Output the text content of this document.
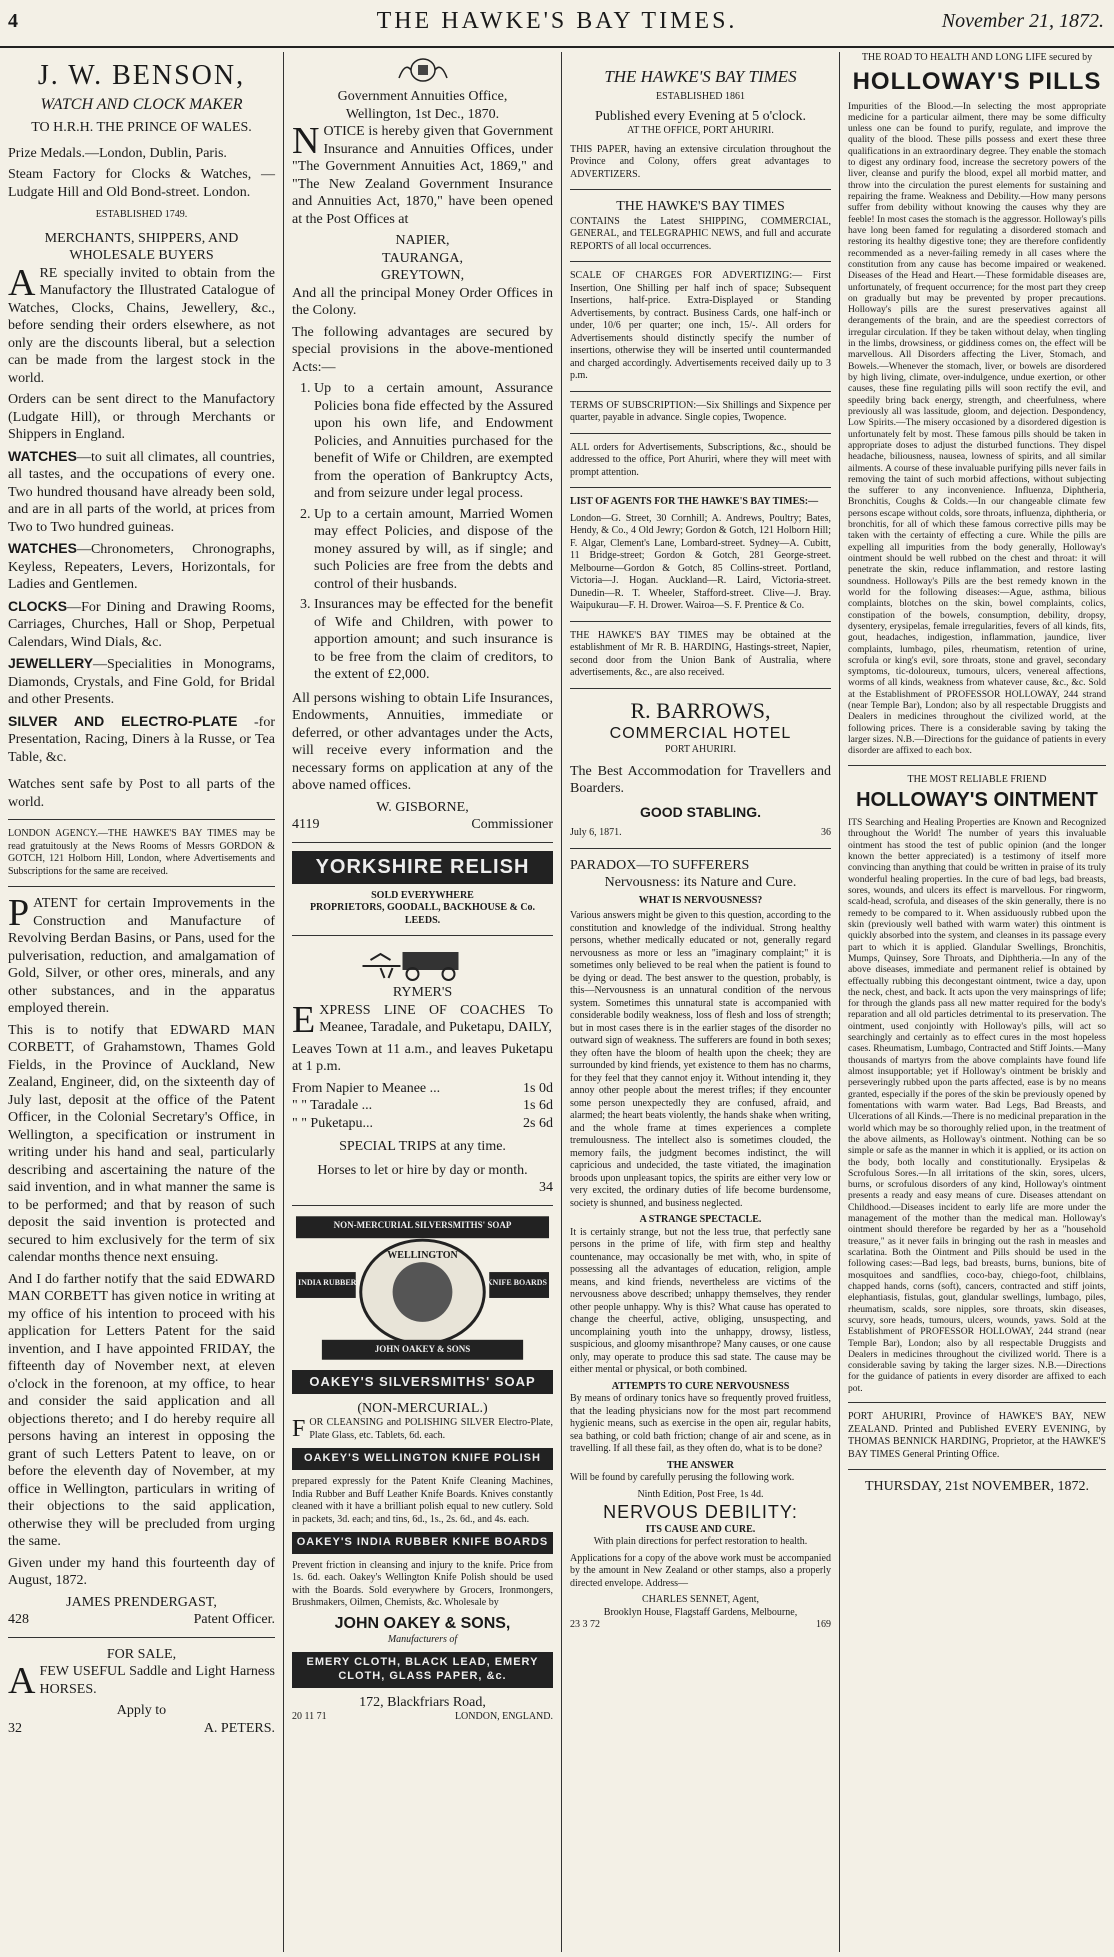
4	THE HAWKE'S BAY TIMES.	November 21, 1872.
J. W. BENSON,
WATCH AND CLOCK MAKER
TO H.R.H. THE PRINCE OF WALES.

Prize Medals.—London, Dublin, Paris.

Steam Factory for Clocks & Watches, —Ludgate Hill and Old Bond-street. London.

ESTABLISHED 1749.
MERCHANTS, SHIPPERS, AND WHOLESALE BUYERS

ARE specially invited to obtain from the Manufactory the Illustrated Catalogue of Watches, Clocks, Chains, Jewellery, &c., before sending their orders elsewhere, as not only are the discounts liberal, but a selection can be made from the largest stock in the world.

Orders can be sent direct to the Manufactory (Ludgate Hill), or through Merchants or Shippers in England.

WATCHES—to suit all climates, all countries, all tastes, and the occupations of every one. Two hundred thousand have already been sold, and are in all parts of the world, at prices from Two to Two hundred guineas.

WATCHES—Chronometers, Chronographs, Keyless, Repeaters, Levers, Horizontals, for Ladies and Gentlemen.

CLOCKS—For Dining and Drawing Rooms, Carriages, Churches, Hall or Shop, Perpetual Calendars, Wind Dials, &c.

JEWELLERY—Specialities in Monograms, Diamonds, Crystals, and Fine Gold, for Bridal and other Presents.

SILVER AND ELECTRO-PLATE -for Presentation, Racing, Diners à la Russe, or Tea Table, &c.

Watches sent safe by Post to all parts of the world.

LONDON AGENCY.—THE HAWKE'S BAY TIMES may be read gratuitously at the News Rooms of Messrs GORDON & GOTCH, 121 Holborn Hill, London, where Advertisements and Subscriptions for the same are received.

PATENT for certain Improvements in the Construction and Manufacture of Revolving Berdan Basins, or Pans, used for the pulverisation, reduction, and amalgamation of Gold, Silver, or other ores, minerals, and any other substances, and in the apparatus employed therein.

This is to notify that EDWARD MAN CORBETT, of Grahamstown, Thames Gold Fields, in the Province of Auckland, New Zealand, Engineer, did, on the sixteenth day of July last, deposit at the office of the Patent Officer, in the Colonial Secretary's Office, in Wellington, a specification or instrument in writing under his hand and seal, particularly describing and ascertaining the nature of the said invention, and in what manner the same is to be performed; and that by reason of such deposit the said invention is protected and secured to him exclusively for the term of six calendar months thence next ensuing.

And I do farther notify that the said EDWARD MAN CORBETT has given notice in writing at my office of his intention to proceed with his application for Letters Patent for the said invention, and I have appointed FRIDAY, the fifteenth day of November next, at eleven o'clock in the forenoon, at my office, to hear and consider the said application and all objections thereto; and I do hereby require all persons having an interest in opposing the grant of such Letters Patent to leave, on or before the eleventh day of November, at my office in Wellington, particulars in writing of their objections to the said application, otherwise they will be precluded from urging the same.

Given under my hand this fourteenth day of August, 1872.

JAMES PRENDERGAST,
428	Patent Officer.
FOR SALE,

AFEW USEFUL Saddle and Light Harness HORSES.

Apply to
32	A. PETERS.
Government Annuities Office,
Wellington, 1st Dec., 1870.

NOTICE is hereby given that Government Insurance and Annuities Offices, under "The Government Annuities Act, 1869," and "The New Zealand Government Insurance and Annuities Act, 1870," have been opened at the Post Offices at

NAPIER,
TAURANGA,
GREYTOWN,

And all the principal Money Order Offices in the Colony.

The following advantages are secured by special provisions in the above-mentioned Acts:—

1. Up to a certain amount, Assurance Policies bona fide effected by the Assured upon his own life, and Endowment Policies, and Annuities purchased for the benefit of Wife or Children, are exempted from the operation of Bankruptcy Acts, and from seizure under legal process.
2. Up to a certain amount, Married Women may effect Policies, and dispose of the money assured by will, as if single; and such Policies are free from the debts and control of their husbands.
3. Insurances may be effected for the benefit of Wife and Children, with power to apportion amount; and such insurance is to be free from the claim of creditors, to the extent of £2,000.

All persons wishing to obtain Life Insurances, Endowments, Annuities, immediate or deferred, or other advantages under the Acts, will receive every information and the necessary forms on application at any of the above named offices.

W. GISBORNE,
4119	Commissioner
YORKSHIRE RELISH
SOLD EVERYWHERE
PROPRIETORS, GOODALL, BACKHOUSE & Co. LEEDS.
RYMER'S

EXPRESS LINE OF COACHES To Meanee, Taradale, and Puketapu, DAILY,

Leaves Town at 11 a.m., and leaves Puketapu at 1 p.m.

From Napier to Meanee ...	1s 0d
" " Taradale ...	1s 6d
" " Puketapu...	2s 6d
SPECIAL TRIPS at any time.
Horses to let or hire by day or month.
34
NON-MERCURIAL SILVERSMITHS' SOAP
WELLINGTON
INDIA RUBBER	KNIFE BOARDS
JOHN OAKEY & SONS
OAKEY'S SILVERSMITHS' SOAP
(NON-MERCURIAL.)

FOR CLEANSING and POLISHING SILVER Electro-Plate, Plate Glass, etc. Tablets, 6d. each.

OAKEY'S WELLINGTON KNIFE POLISH

prepared expressly for the Patent Knife Cleaning Machines, India Rubber and Buff Leather Knife Boards. Knives constantly cleaned with it have a brilliant polish equal to new cutlery. Sold in packets, 3d. each; and tins, 6d., 1s., 2s. 6d., and 4s. each.

OAKEY'S INDIA RUBBER KNIFE BOARDS

Prevent friction in cleansing and injury to the knife. Price from 1s. 6d. each. Oakey's Wellington Knife Polish should be used with the Boards. Sold everywhere by Grocers, Ironmongers, Brushmakers, Oilmen, Chemists, &c. Wholesale by

JOHN OAKEY & SONS,
Manufacturers of
EMERY CLOTH, BLACK LEAD, EMERY CLOTH, GLASS PAPER, &c.
172, Blackfriars Road,
20 11 71	LONDON, ENGLAND.
THE HAWKE'S BAY TIMES
ESTABLISHED 1861
Published every Evening at 5 o'clock.
AT THE OFFICE, PORT AHURIRI.

THIS PAPER, having an extensive circulation throughout the Province and Colony, offers great advantages to ADVERTIZERS.

THE HAWKE'S BAY TIMES

CONTAINS the Latest SHIPPING, COMMERCIAL, GENERAL, and TELEGRAPHIC NEWS, and full and accurate REPORTS of all local occurrences.

SCALE OF CHARGES FOR ADVERTIZING:— First Insertion, One Shilling per half inch of space; Subsequent Insertions, half-price. Extra-Displayed or Standing Advertisements, by contract. Business Cards, one half-inch or under, 10/6 per quarter; one inch, 15/-. All orders for Advertisements should distinctly specify the number of insertions, otherwise they will be inserted until countermanded and charged accordingly. Advertisements received daily up to 3 p.m.

TERMS OF SUBSCRIPTION:—Six Shillings and Sixpence per quarter, payable in advance. Single copies, Twopence.

ALL orders for Advertisements, Subscriptions, &c., should be addressed to the office, Port Ahuriri, where they will meet with prompt attention.

LIST OF AGENTS FOR THE HAWKE'S BAY TIMES:—

London—G. Street, 30 Cornhill; A. Andrews, Poultry; Bates, Hendy, & Co., 4 Old Jewry; Gordon & Gotch, 121 Holborn Hill; F. Algar, Clement's Lane, Lombard-street. Sydney—A. Cubitt, 11 Bridge-street; Gordon & Gotch, 281 George-street. Melbourne—Gordon & Gotch, 85 Collins-street. Portland, Victoria—J. Hogan. Auckland—R. Laird, Victoria-street. Dunedin—R. T. Wheeler, Stafford-street. Clive—J. Bray. Waipukurau—F. H. Drower. Wairoa—S. F. Prentice & Co.

THE HAWKE'S BAY TIMES may be obtained at the establishment of Mr R. B. HARDING, Hastings-street, Napier, second door from the Union Bank of Australia, where advertisements, &c., are also received.

R. BARROWS,
COMMERCIAL HOTEL
PORT AHURIRI.

The Best Accommodation for Travellers and Boarders.

GOOD STABLING.
July 6, 1871.	36
PARADOX—TO SUFFERERS
Nervousness: its Nature and Cure.
WHAT IS NERVOUSNESS?

Various answers might be given to this question, according to the constitution and knowledge of the individual. Strong healthy persons, whether medically educated or not, generally regard nervousness as more or less an "imaginary complaint;" it is sometimes only believed to be real when the patient is found to be dying or dead. The best answer to the question, probably, is this—Nervousness is an unnatural condition of the nervous system. Sometimes this unnatural state is accompanied with considerable bodily weakness, loss of flesh and loss of strength; but in most cases there is in the earlier stages of the disorder no outward sign of weakness. The sufferers are found in both sexes; they often have the bloom of health upon the cheek; they are surrounded by kind friends, yet existence to them has no charms, for they feel that they cannot enjoy it. Without intending it, they annoy other people about the merest trifles; if they encounter some person unexpectedly they are confused, afraid, and alarmed; the heart beats violently, the hands shake when writing, and the whole frame at times experiences a complete tremulousness. The intellect also is sometimes clouded, the memory fails, the judgment becomes indistinct, the will capricious and undecided, the taste vitiated, the imagination broods upon unpleasant topics, the spirits are either very low or very excited, the ordinary duties of life become burdensome, society is shunned, and business neglected.

A STRANGE SPECTACLE.

It is certainly strange, but not the less true, that perfectly sane persons in the prime of life, with firm step and healthy countenance, may occasionally be met with, who, in spite of possessing all the advantages of education, religion, ample means, and kind friends, nevertheless are victims of the nervousness above described; unhappy themselves, they render other people unhappy. Why is this? What cause has operated to change the cheerful, active, obliging, unsuspecting, and uncomplaining youth into the unhappy, drowsy, listless, suspicious, and gloomy misanthrope? Many causes, or one cause only, may operate to produce this sad state. The cause may be either mental or physical, or both combined.

ATTEMPTS TO CURE NERVOUSNESS

By means of ordinary tonics have so frequently proved fruitless, that the leading physicians now for the most part recommend hygienic means, such as exercise in the open air, regular habits, sea bathing, or cold bath friction; change of air and scene, as in travelling. If all these fail, as they often do, what is to be done?

THE ANSWER

Will be found by carefully perusing the following work.

Ninth Edition, Post Free, 1s 4d.
NERVOUS DEBILITY:
ITS CAUSE AND CURE.
With plain directions for perfect restoration to health.

Applications for a copy of the above work must be accompanied by the amount in New Zealand or other stamps, also a properly directed envelope. Address—

CHARLES SENNET, Agent,
Brooklyn House, Flagstaff Gardens, Melbourne,
23 3 72	169
THE ROAD TO HEALTH AND LONG LIFE secured by
HOLLOWAY'S PILLS

Impurities of the Blood.—In selecting the most appropriate medicine for a particular ailment, there may be some difficulty unless one can be found to purify, regulate, and improve the quality of the blood. These pills possess and exert these three qualifications in an extraordinary degree. They enable the stomach to digest any ordinary food, increase the secretory powers of the liver, cleanse and purify the blood, expel all morbid matter, and throw into the circulation the purest elements for sustaining and repairing the frame. Weakness and Debility.—How many persons suffer from debility without knowing the causes why they are feeble! In most cases the stomach is the aggressor. Holloway's pills have long been famed for regulating a disordered stomach and restoring its healthy digestive tone; they are therefore confidently recommended as a never-failing remedy in all cases where the constitution from any cause has become impaired or weakened. Diseases of the Head and Heart.—These formidable diseases are, unfortunately, of frequent occurrence; for the most part they creep on gradually but may be prevented by proper precautions. Holloway's pills are the surest preservatives against all derangements of the brain, and are the speediest correctors of irregular circulation. If they be taken without delay, when tingling in the limbs, drowsiness, or giddiness comes on, the effect will be marvellous. All Disorders affecting the Liver, Stomach, and Bowels.—Whenever the stomach, liver, or bowels are disordered by high living, climate, over-indulgence, undue exertion, or other causes, these fine regulating pills will soon rectify the evil, and speedily bring back energy, strength, and cheerfulness, where previously all was lassitude, gloom, and dejection. Despondency, Low Spirits.—The misery occasioned by a disordered digestion is unfortunately felt by most. These famous pills should be taken in appropriate doses to adjust the disturbed functions. They dispel headache, biliousness, nausea, lowness of spirits, and all similar ailments. A course of these invaluable purifying pills never fails in removing the taint of such morbid affections, without subjecting the sufferer to any inconvenience. Influenza, Diphtheria, Bronchitis, Coughs & Colds.—In our changeable climate few persons escape without colds, sore throats, influenza, diphtheria, or bronchitis, for all of which these famous corrective pills may be taken with the certainty of effecting a cure. While the pills are expelling all impurities from the body generally, Holloway's ointment should be well rubbed on the chest and throat: it will penetrate the skin, reduce inflammation, and restore lasting soundness. Holloway's Pills are the best remedy known in the world for the following diseases:—Ague, asthma, bilious complaints, blotches on the skin, bowel complaints, colics, constipation of the bowels, consumption, debility, dropsy, dysentery, erysipelas, female irregularities, fevers of all kinds, fits, gout, headaches, indigestion, inflammation, jaundice, liver complaints, lumbago, piles, rheumatism, retention of urine, scrofula or king's evil, sore throats, stone and gravel, secondary symptoms, tic-doloureux, tumours, ulcers, venereal affections, worms of all kinds, weakness from whatever cause, &c., &c. Sold at the Establishment of PROFESSOR HOLLOWAY, 244 strand (near Temple Bar), London; also by all respectable Druggists and Dealers in medicines throughout the civilized world, at the following prices. There is a considerable saving by taking the larger sizes. N.B.—Directions for the guidance of patients in every disorder are affixed to each box.

THE MOST RELIABLE FRIEND
HOLLOWAY'S OINTMENT

ITS Searching and Healing Properties are Known and Recognized throughout the World! The number of years this invaluable ointment has stood the test of public opinion (and the longer known the better appreciated) is a testimony of itself more convincing than anything that could be written in praise of its truly wonderful healing properties. In the cure of bad legs, bad breasts, sores, wounds, and ulcers its effect is marvellous. For ringworm, scald-head, scrofula, and diseases of the skin generally, there is no remedy to be compared to it. When assiduously rubbed upon the skin (previously well bathed with warm water) this ointment is quickly absorbed into the system, and cleanses in its passage every part to which it is applied. Glandular Swellings, Bronchitis, Mumps, Quinsey, Sore Throats, and Diphtheria.—In any of the above diseases, immediate and permanent relief is obtained by effectually rubbing this decongestant ointment, twice a day, upon the neck, chest, and back. It acts upon the very mainsprings of life; for through the glands pass all new matter required for the body's reparation and all old particles detrimental to its preservation. The ointment, used conjointly with Holloway's pills, will act so searchingly and certainly as to effect cures in the most hopeless cases. Rheumatism, Lumbago, Contracted and Stiff Joints.—Many thousands of martyrs from the above complaints have found life almost insupportable; yet if Holloway's ointment be briskly and perseveringly rubbed upon the parts affected, ease is by no means granted, especially if the pores of the skin be previously opened by fomentations with warm water. Bad Legs, Bad Breasts, and Ulcerations of all Kinds.—There is no medicinal preparation in the world which may be so thoroughly relied upon, in the treatment of the above ailments, as Holloway's ointment. Nothing can be so simple or safe as the manner in which it is applied, or its action on the body, both locally and constitutionally. Erysipelas & Scrofulous Sores.—In all irritations of the skin, sores, ulcers, burns, or scrofulous disorders of any kind, Holloway's ointment presents a ready and easy means of cure. Diseases attendant on Childhood.—Diseases incident to early life are more under the management of the mother than the medical man. Holloway's ointment should therefore be regarded by her as a "household treasure," as it never fails in bringing out the rash in measles and scarlatina. Both the Ointment and Pills should be used in the following cases:—Bad legs, bad breasts, burns, bunions, bite of mosquitoes and sandflies, coco-bay, chiego-foot, chilblains, chapped hands, corns (soft), cancers, contracted and stiff joints, elephantiasis, fistulas, gout, glandular swellings, lumbago, piles, rheumatism, scalds, sore nipples, sore throats, skin diseases, scurvy, sore heads, tumours, ulcers, wounds, yaws. Sold at the Establishment of PROFESSOR HOLLOWAY, 244 strand (near Temple Bar), London; also by all respectable Druggists and Dealers in medicines throughout the civilized world. There is a considerable saving by taking the larger sizes. N.B.—Directions for the guidance of patients in every disorder are affixed to each pot.

PORT AHURIRI, Province of HAWKE'S BAY, NEW ZEALAND. Printed and Published EVERY EVENING, by THOMAS BENNICK HARDING, Proprietor, at the HAWKE'S BAY TIMES General Printing Office.

THURSDAY, 21st NOVEMBER, 1872.
